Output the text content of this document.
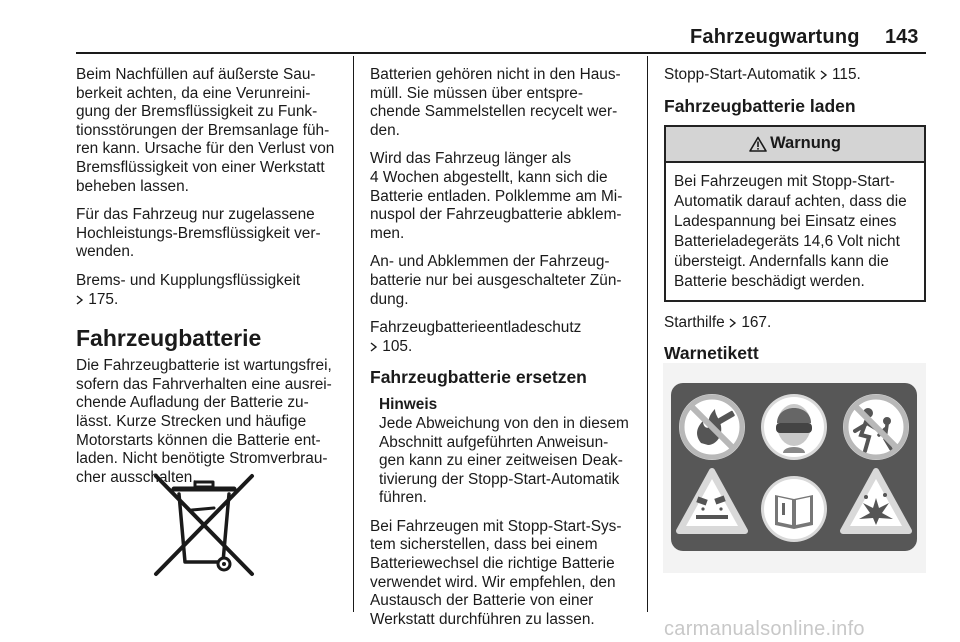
Fahrzeugwartung 143

Beim Nachfüllen auf äußerste Sau-
berkeit achten, da eine Verunreini-
gung der Bremsflüssigkeit zu Funk-
tionsstörungen der Bremsanlage füh-
ren kann. Ursache für den Verlust von
Bremsflüssigkeit von einer Werkstatt
beheben lassen.

Für das Fahrzeug nur zugelassene
Hochleistungs-Bremsflüssigkeit ver-
wenden.

Brems- und Kupplungsflüssigkeit
175.

Fahrzeugbatterie

Die Fahrzeugbatterie ist wartungsfrei,
sofern das Fahrverhalten eine ausrei-
chende Aufladung der Batterie zu-
lässt. Kurze Strecken und häufige
Motorstarts können die Batterie ent-
laden. Nicht benötigte Stromverbrau-
cher ausschalten.

Batterien gehören nicht in den Haus-
müll. Sie müssen über entspre-
chende Sammelstellen recycelt wer-
den.

Wird das Fahrzeug länger als
4 Wochen abgestellt, kann sich die
Batterie entladen. Polklemme am Mi-
nuspol der Fahrzeugbatterie abklem-
men.

An- und Abklemmen der Fahrzeug-
batterie nur bei ausgeschalteter Zün-
dung.

Fahrzeugbatterieentladeschutz
105.

Fahrzeugbatterie ersetzen
Hinweis
Jede Abweichung von den in diesem
Abschnitt aufgeführten Anweisun-
gen kann zu einer zeitweisen Deak-
tivierung der Stopp-Start-Automatik
führen.

Bei Fahrzeugen mit Stopp-Start-Sys-
tem sicherstellen, dass bei einem
Batteriewechsel die richtige Batterie
verwendet wird. Wir empfehlen, den
Austausch der Batterie von einer
Werkstatt durchführen zu lassen.

Stopp-Start-Automatik 115.

Fahrzeugbatterie laden
Warnung
Bei Fahrzeugen mit Stopp-Start-
Automatik darauf achten, dass die
Ladespannung bei Einsatz eines
Batterieladegeräts 14,6 Volt nicht
übersteigt. Andernfalls kann die
Batterie beschädigt werden.

Starthilfe 167.

Warnetikett
carmanualsonline.info
